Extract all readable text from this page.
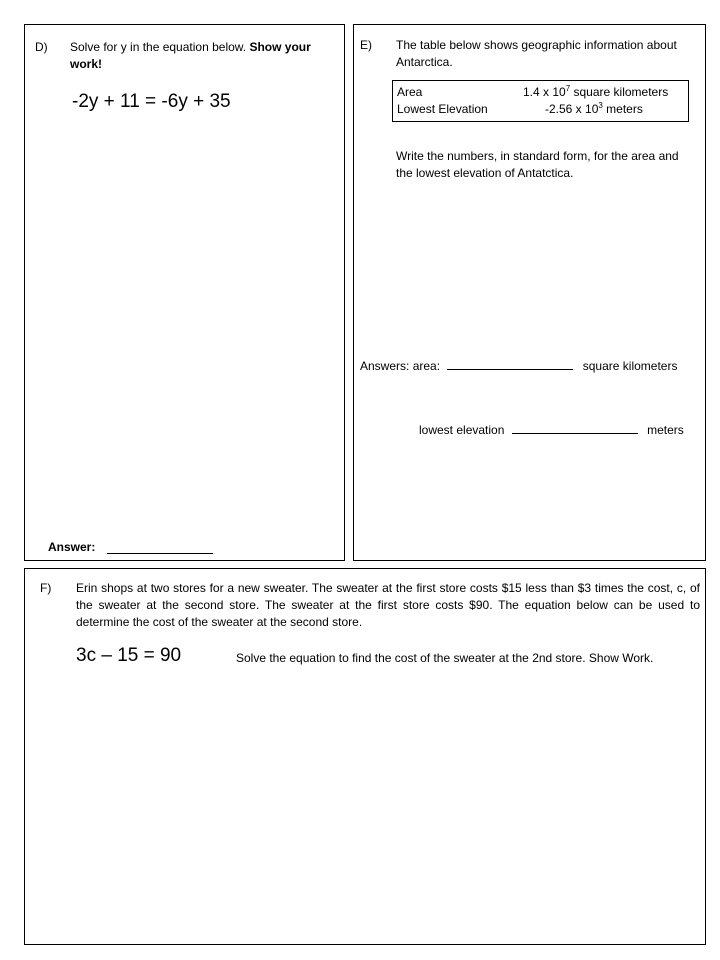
D) Solve for y in the equation below. Show your work!
-2y + 11 = -6y + 35
Answer:
E) The table below shows geographic information about Antarctica.
Area	1.4 x $10^7$ square kilometers
Lowest Elevation	-2.56 x $10^3$ meters
Write the numbers, in standard form, for the area and the lowest elevation of Antatctica.
Answers: area:	square kilometers
lowest elevation	meters
F) Erin shops at two stores for a new sweater. The sweater at the first store costs $15 less than $3 times the cost, c, of the sweater at the second store. The sweater at the first store costs $90. The equation below can be used to determine the cost of the sweater at the second store.
3c – 15 = 90	Solve the equation to find the cost of the sweater at the 2nd store. Show Work.
